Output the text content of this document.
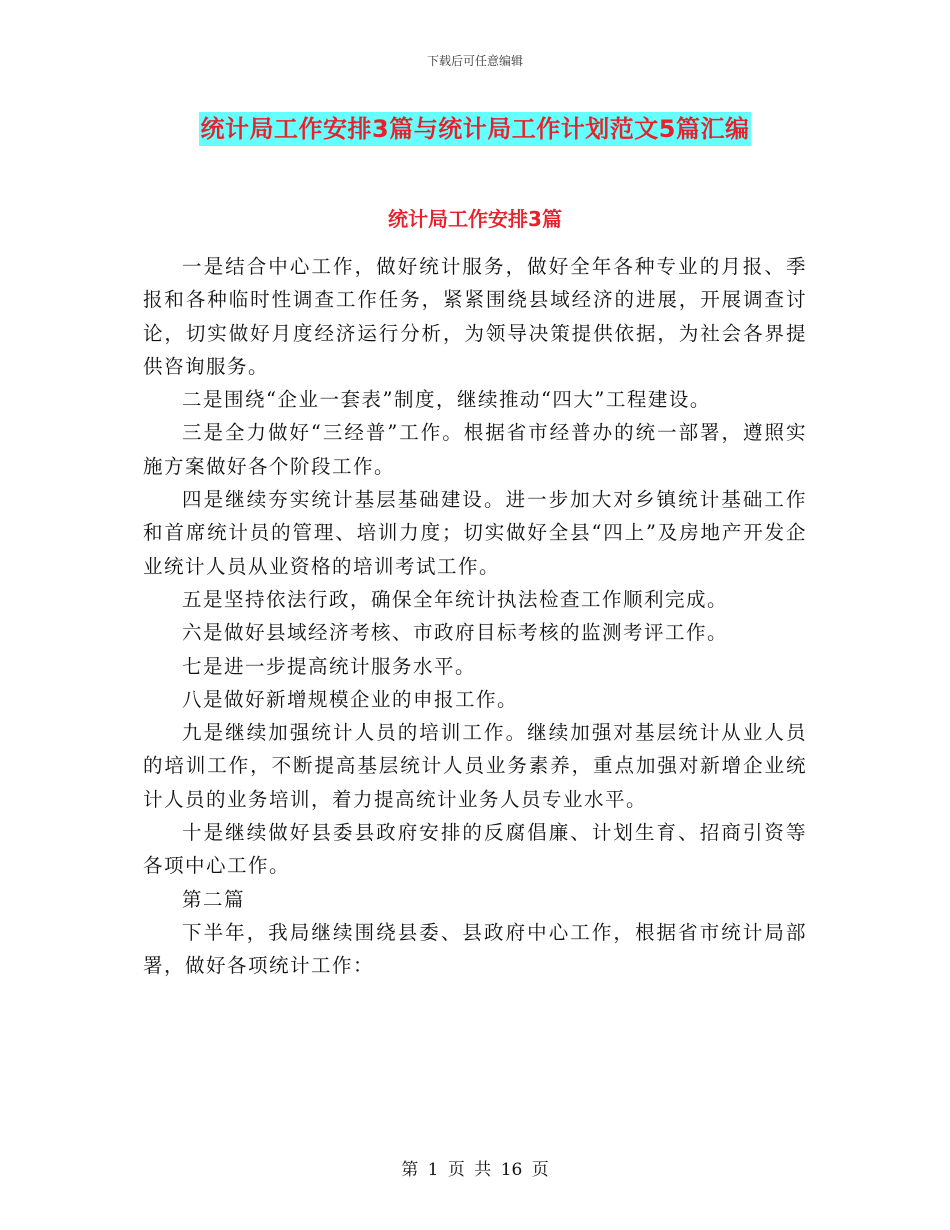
下载后可任意编辑
统计局工作安排3篇与统计局工作计划范文5篇汇编
统计局工作安排3篇

一是结合中心工作，做好统计服务，做好全年各种专业的月报、季报和各种临时性调查工作任务，紧紧围绕县域经济的进展，开展调查讨论，切实做好月度经济运行分析，为领导决策提供依据，为社会各界提供咨询服务。

二是围绕“企业一套表”制度，继续推动“四大”工程建设。

三是全力做好“三经普”工作。根据省市经普办的统一部署，遵照实施方案做好各个阶段工作。

四是继续夯实统计基层基础建设。进一步加大对乡镇统计基础工作和首席统计员的管理、培训力度；切实做好全县“四上”及房地产开发企业统计人员从业资格的培训考试工作。

五是坚持依法行政，确保全年统计执法检查工作顺利完成。

六是做好县域经济考核、市政府目标考核的监测考评工作。

七是进一步提高统计服务水平。

八是做好新增规模企业的申报工作。

九是继续加强统计人员的培训工作。继续加强对基层统计从业人员的培训工作，不断提高基层统计人员业务素养，重点加强对新增企业统计人员的业务培训，着力提高统计业务人员专业水平。

十是继续做好县委县政府安排的反腐倡廉、计划生育、招商引资等各项中心工作。

第二篇

下半年，我局继续围绕县委、县政府中心工作，根据省市统计局部署，做好各项统计工作：

第 1 页 共 16 页
